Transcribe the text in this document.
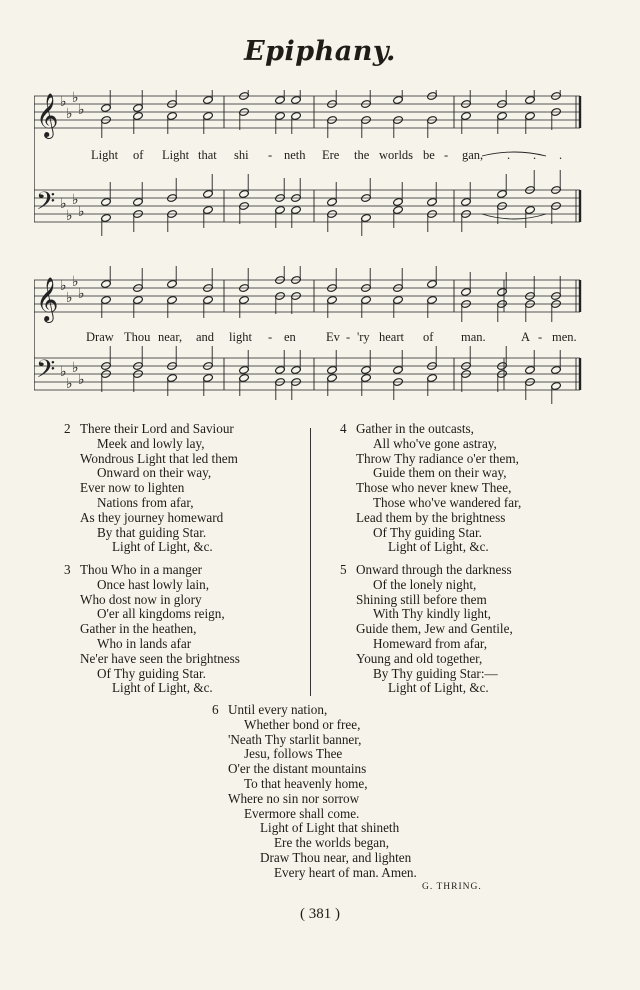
Epiphany.
𝄞
𝄢
♭
♭
♭
♭
♭
♭
♭
♭
Light of Light that shi - neth Ere the worlds be - gan, . . .
𝄞
𝄢
♭
♭
♭
♭
♭
♭
♭
♭
Draw Thou near, and light - en Ev - 'ry heart of man.	A - men.
2 There their Lord and Saviour
Meek and lowly lay,
Wondrous Light that led them
Onward on their way,
Ever now to lighten
Nations from afar,
As they journey homeward
By that guiding Star.
Light of Light, &c.
3 Thou Who in a manger
Once hast lowly lain,
Who dost now in glory
O'er all kingdoms reign,
Gather in the heathen,
Who in lands afar
Ne'er have seen the brightness
Of Thy guiding Star.
Light of Light, &c.
4 Gather in the outcasts,
All who've gone astray,
Throw Thy radiance o'er them,
Guide them on their way,
Those who never knew Thee,
Those who've wandered far,
Lead them by the brightness
Of Thy guiding Star.
Light of Light, &c.
5 Onward through the darkness
Of the lonely night,
Shining still before them
With Thy kindly light,
Guide them, Jew and Gentile,
Homeward from afar,
Young and old together,
By Thy guiding Star:—
Light of Light, &c.
6 Until every nation,
Whether bond or free,
'Neath Thy starlit banner,
Jesu, follows Thee
O'er the distant mountains
To that heavenly home,
Where no sin nor sorrow
Evermore shall come.
Light of Light that shineth
Ere the worlds began,
Draw Thou near, and lighten
Every heart of man. Amen.
G. THRING.
( 381 )
